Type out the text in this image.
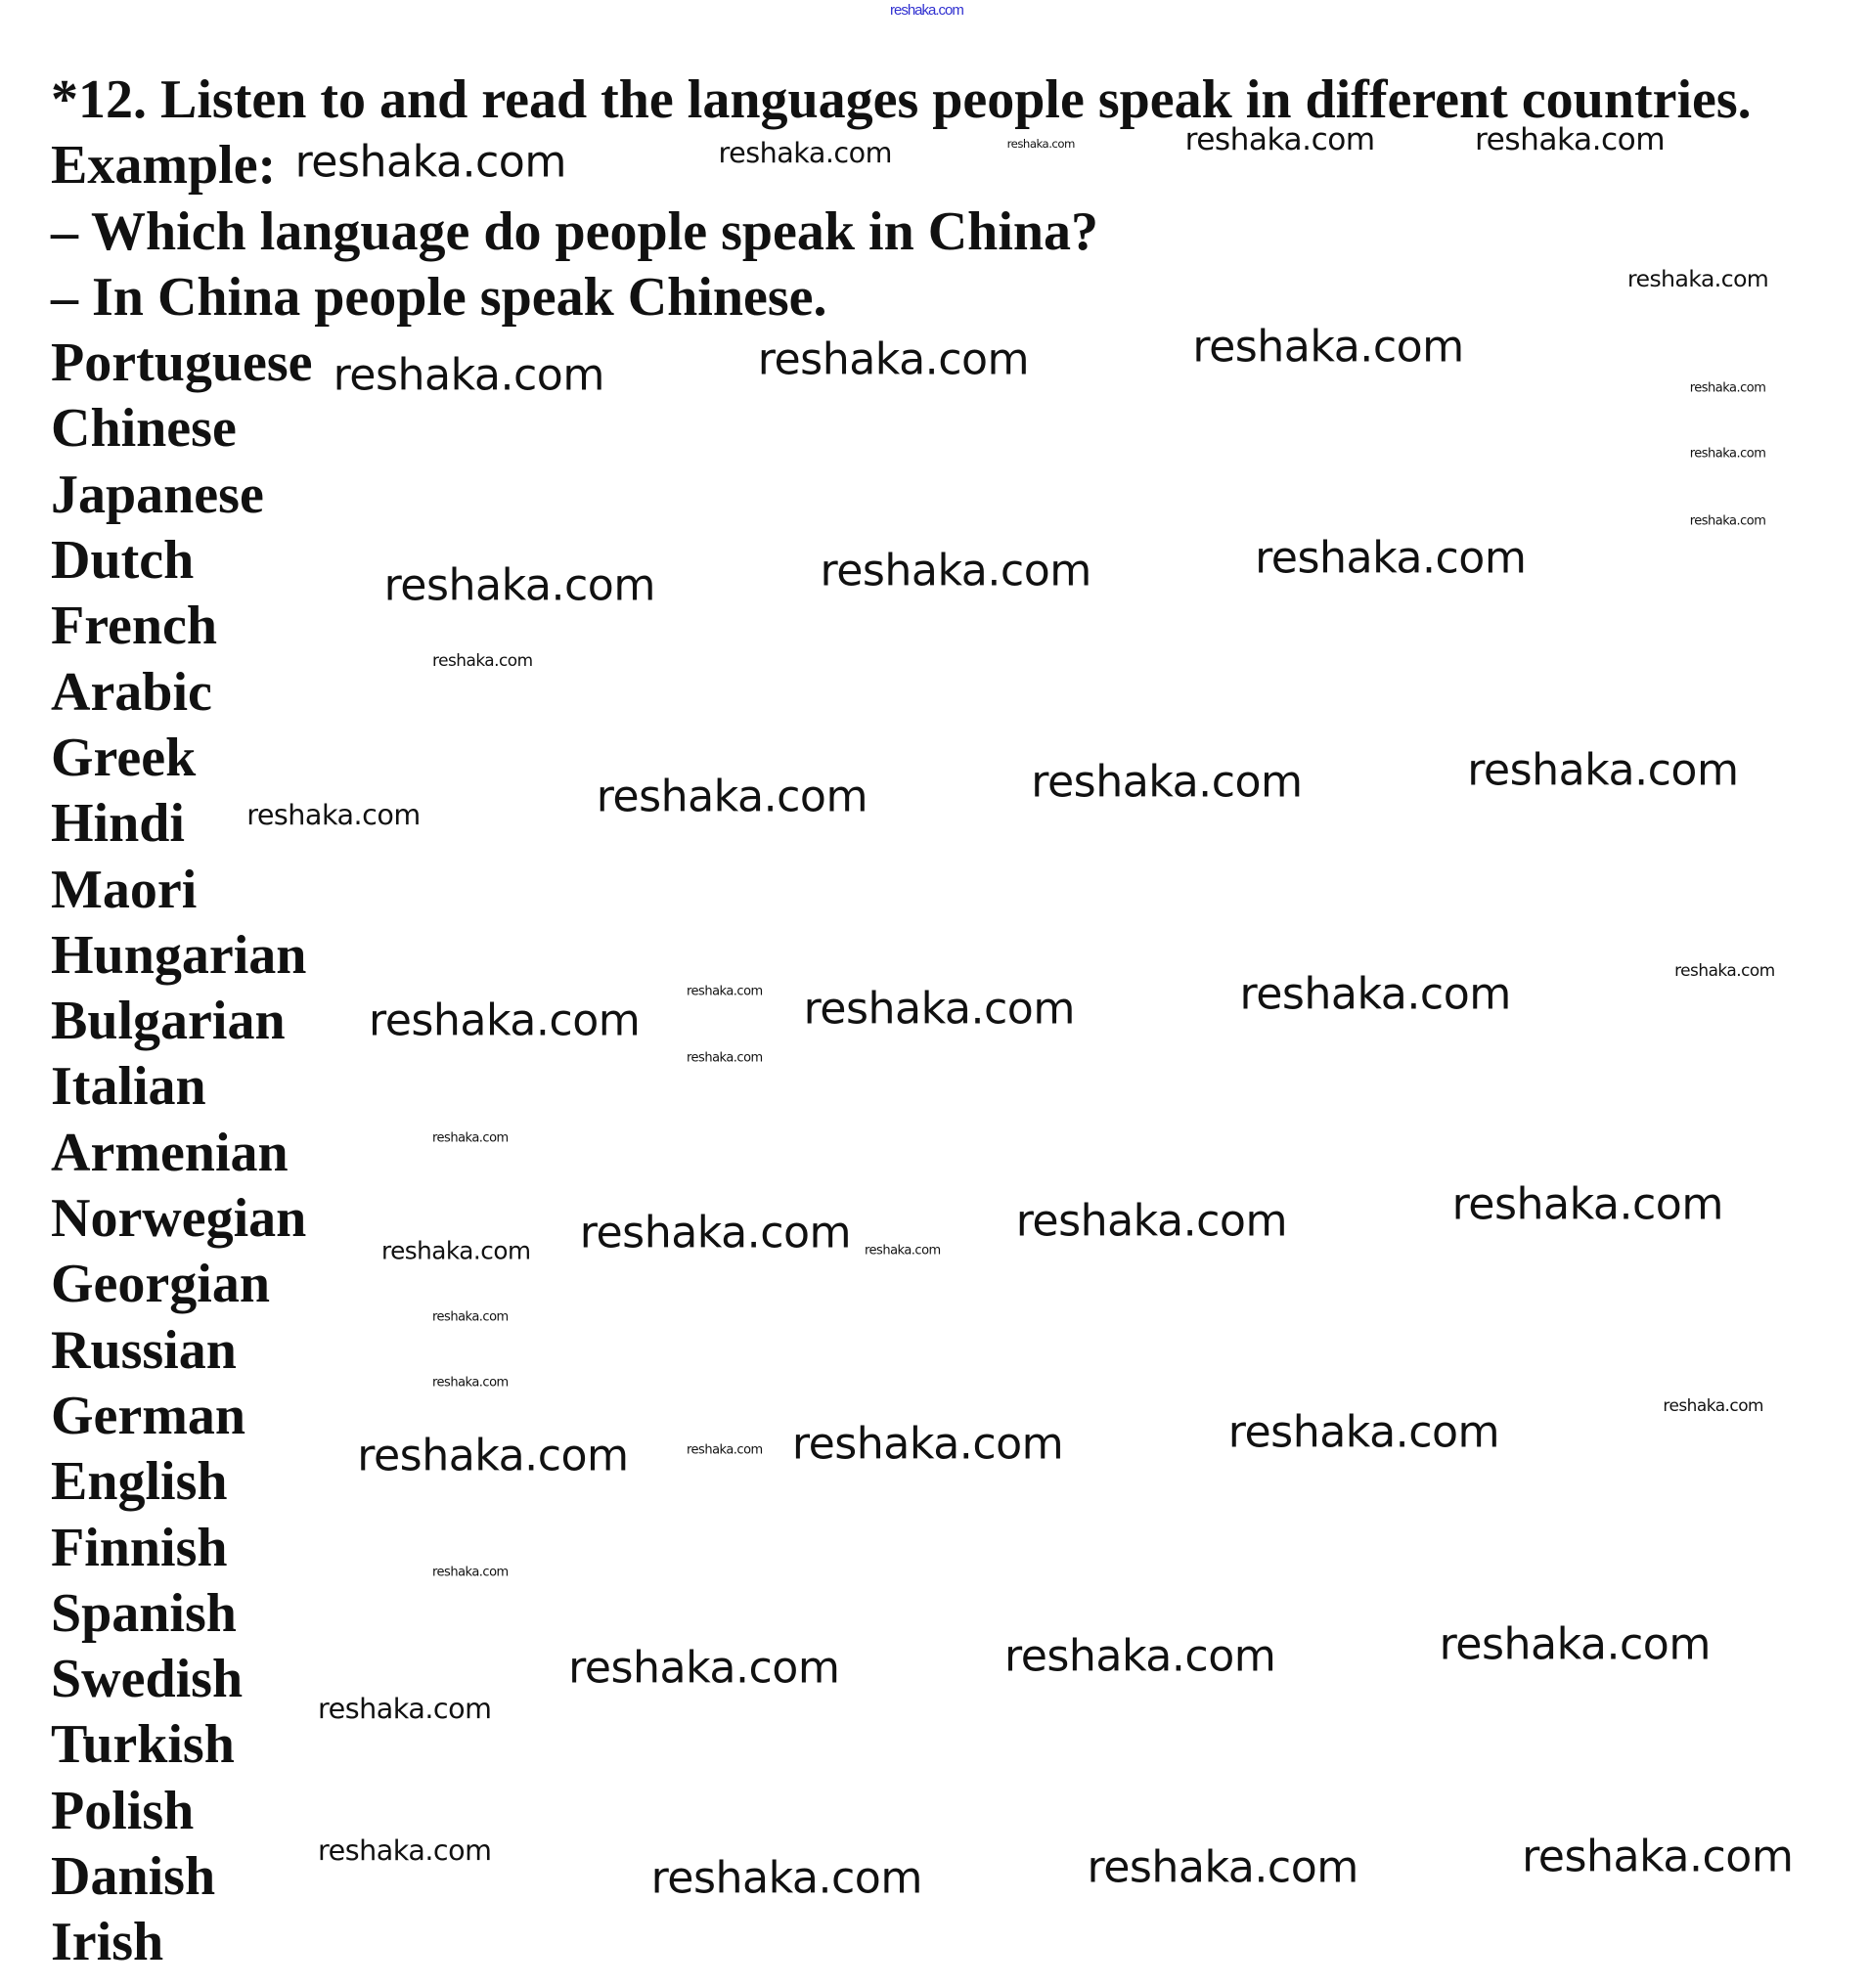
reshaka.com
*12. Listen to and read the languages people speak in different countries.
Example:
– Which language do people speak in China?
– In China people speak Chinese.
Portuguese
Chinese
Japanese
Dutch
French
Arabic
Greek
Hindi
Maori
Hungarian
Bulgarian
Italian
Armenian
Norwegian
Georgian
Russian
German
English
Finnish
Spanish
Swedish
Turkish
Polish
Danish
Irish
reshaka.com	reshaka.com	reshaka.com	reshaka.com	reshaka.com
reshaka.com
reshaka.com	reshaka.com	reshaka.com
reshaka.com
reshaka.com
reshaka.com
reshaka.com	reshaka.com	reshaka.com
reshaka.com
reshaka.com	reshaka.com	reshaka.com	reshaka.com
reshaka.com
reshaka.com
reshaka.com	reshaka.com	reshaka.com
reshaka.com
reshaka.com
reshaka.com	reshaka.com	reshaka.com
reshaka.com
reshaka.com
reshaka.com
reshaka.com
reshaka.com
reshaka.com
reshaka.com	reshaka.com	reshaka.com
reshaka.com
reshaka.com	reshaka.com	reshaka.com
reshaka.com
reshaka.com
reshaka.com	reshaka.com	reshaka.com
